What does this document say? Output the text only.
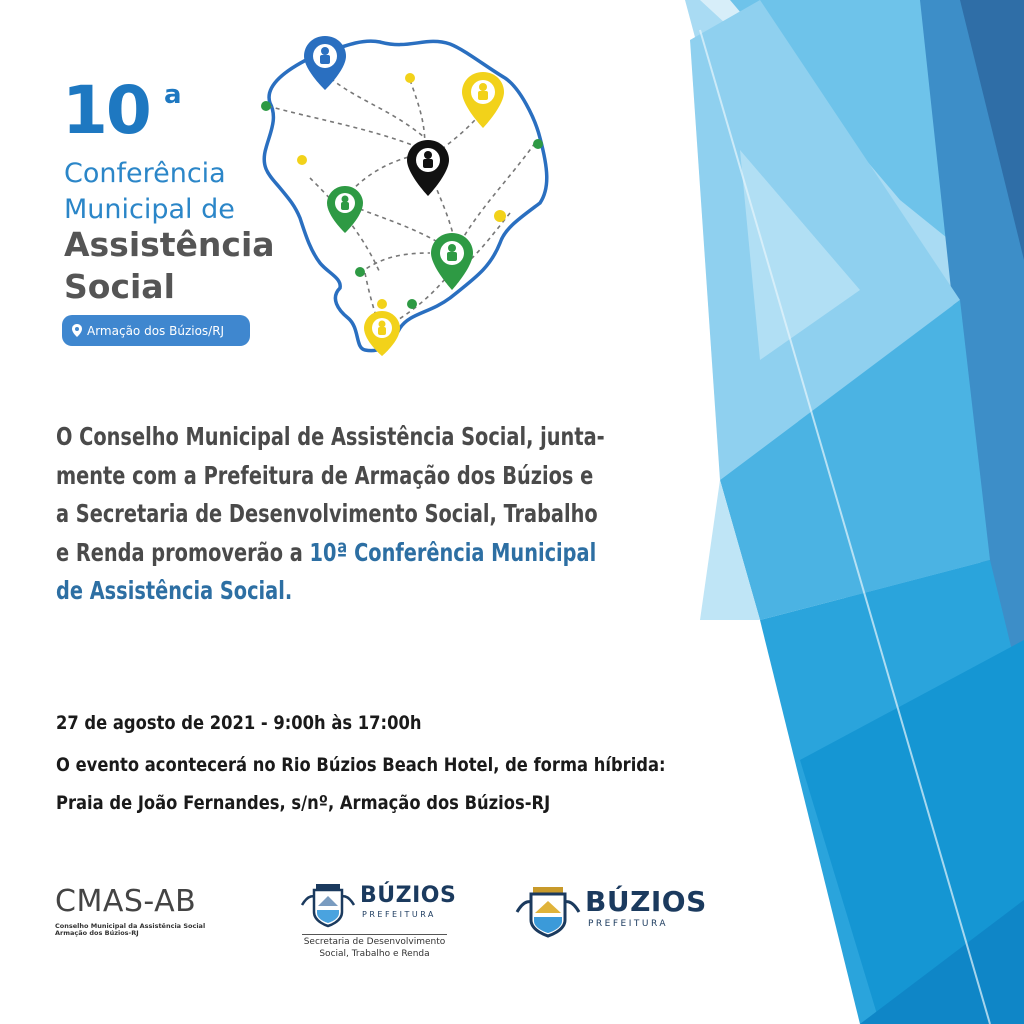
10 a
Conferência
Municipal de
Assistência
Social
Armação dos Búzios/RJ
O Conselho Municipal de Assistência Social, junta-
mente com a Prefeitura de Armação dos Búzios e
a Secretaria de Desenvolvimento Social, Trabalho
e Renda promoverão a 10ª Conferência Municipal
de Assistência Social.
27 de agosto de 2021 - 9:00h às 17:00h
O evento acontecerá no Rio Búzios Beach Hotel, de forma híbrida:
Praia de João Fernandes, s/nº, Armação dos Búzios-RJ
CMAS-AB
Conselho Municipal da Assistência Social
Armação dos Búzios-RJ
BÚZIOS
PREFEITURA
Secretaria de Desenvolvimento Social, Trabalho e Renda
BÚZIOS
PREFEITURA
